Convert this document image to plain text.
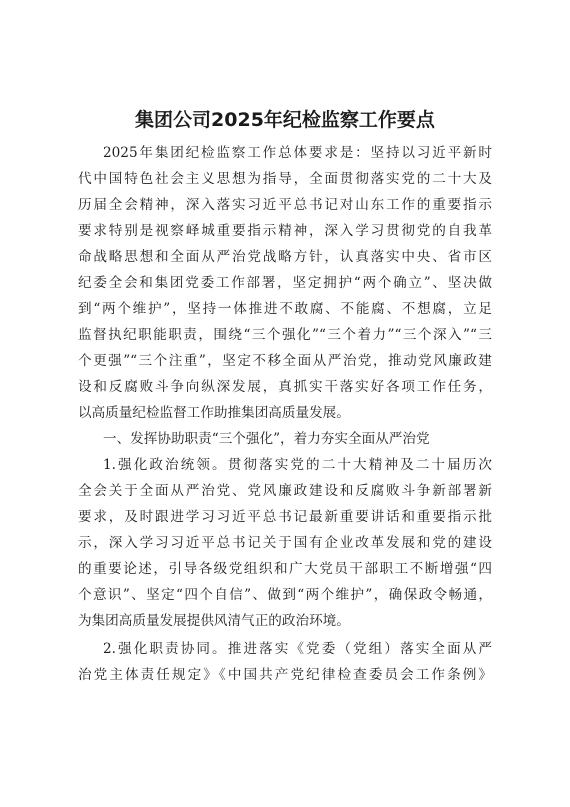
集团公司2025年纪检监察工作要点
2025年集团纪检监察工作总体要求是：坚持以习近平新时
代中国特色社会主义思想为指导，全面贯彻落实党的二十大及
历届全会精神，深入落实习近平总书记对山东工作的重要指示
要求特别是视察峄城重要指示精神，深入学习贯彻党的自我革
命战略思想和全面从严治党战略方针，认真落实中央、省市区
纪委全会和集团党委工作部署，坚定拥护“两个确立”、坚决做
到“两个维护”，坚持一体推进不敢腐、不能腐、不想腐，立足
监督执纪职能职责，围绕“三个强化”“三个着力”“三个深入”“三
个更强”“三个注重”，坚定不移全面从严治党，推动党风廉政建
设和反腐败斗争向纵深发展，真抓实干落实好各项工作任务，
以高质量纪检监督工作助推集团高质量发展。
一、发挥协助职责“三个强化”，着力夯实全面从严治党
1.强化政治统领。贯彻落实党的二十大精神及二十届历次
全会关于全面从严治党、党风廉政建设和反腐败斗争新部署新
要求，及时跟进学习习近平总书记最新重要讲话和重要指示批
示，深入学习习近平总书记关于国有企业改革发展和党的建设
的重要论述，引导各级党组织和广大党员干部职工不断增强“四
个意识”、坚定“四个自信”、做到“两个维护”，确保政令畅通，
为集团高质量发展提供风清气正的政治环境。
2.强化职责协同。推进落实《党委（党组）落实全面从严
治党主体责任规定》《中国共产党纪律检查委员会工作条例》
